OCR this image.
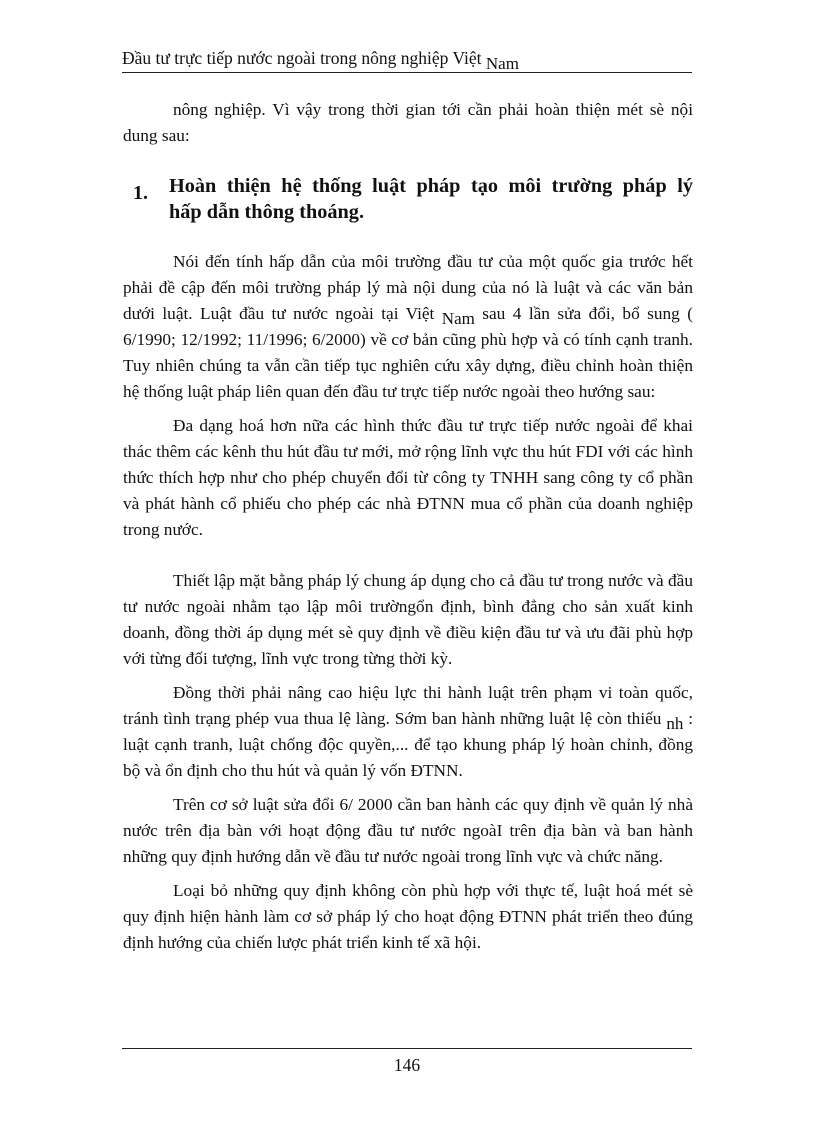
Đầu tư trực tiếp nước ngoài trong nông nghiệp Việt Nam

nông nghiệp. Vì vậy trong thời gian tới cần phải hoàn thiện mét sè nội dung sau:

1. Hoàn thiện hệ thống luật pháp tạo môi trường pháp lý
hấp dẫn thông thoáng.

Nói đến tính hấp dẫn của môi trường đầu tư của một quốc gia trước hết phải đề cập đến môi trường pháp lý mà nội dung của nó là luật và các văn bản dưới luật. Luật đầu tư nước ngoài tại Việt Nam sau 4 lần sửa đổi, bổ sung ( 6/1990; 12/1992; 11/1996; 6/2000) về cơ bản cũng phù hợp và có tính cạnh tranh. Tuy nhiên chúng ta vẫn cần tiếp tục nghiên cứu xây dựng, điều chỉnh hoàn thiện hệ thống luật pháp liên quan đến đầu tư trực tiếp nước ngoài theo hướng sau:

Đa dạng hoá hơn nữa các hình thức đầu tư trực tiếp nước ngoài để khai thác thêm các kênh thu hút đầu tư mới, mở rộng lĩnh vực thu hút FDI với các hình thức thích hợp như cho phép chuyển đổi từ công ty TNHH sang công ty cổ phần và phát hành cổ phiếu cho phép các nhà ĐTNN mua cổ phần của doanh nghiệp trong nước.

Thiết lập mặt bằng pháp lý chung áp dụng cho cả đầu tư trong nước và đầu tư nước ngoài nhằm tạo lập môi trườngổn định, bình đẳng cho sản xuất kinh doanh, đồng thời áp dụng mét sè quy định về điều kiện đầu tư và ưu đãi phù hợp với từng đối tượng, lĩnh vực trong từng thời kỳ.

Đồng thời phải nâng cao hiệu lực thi hành luật trên phạm vi toàn quốc, tránh tình trạng phép vua thua lệ làng. Sớm ban hành những luật lệ còn thiếu nh : luật cạnh tranh, luật chống độc quyền,... để tạo khung pháp lý hoàn chỉnh, đồng bộ và ổn định cho thu hút và quản lý vốn ĐTNN.

Trên cơ sở luật sửa đổi 6/ 2000 cần ban hành các quy định về quản lý nhà nước trên địa bàn với hoạt động đầu tư nước ngoàI trên địa bàn và ban hành những quy định hướng dẫn về đầu tư nước ngoài trong lĩnh vực và chức năng.

Loại bỏ những quy định không còn phù hợp với thực tế, luật hoá mét sè quy định hiện hành làm cơ sở pháp lý cho hoạt động ĐTNN phát triển theo đúng định hướng của chiến lược phát triển kinh tế xã hội.

146
